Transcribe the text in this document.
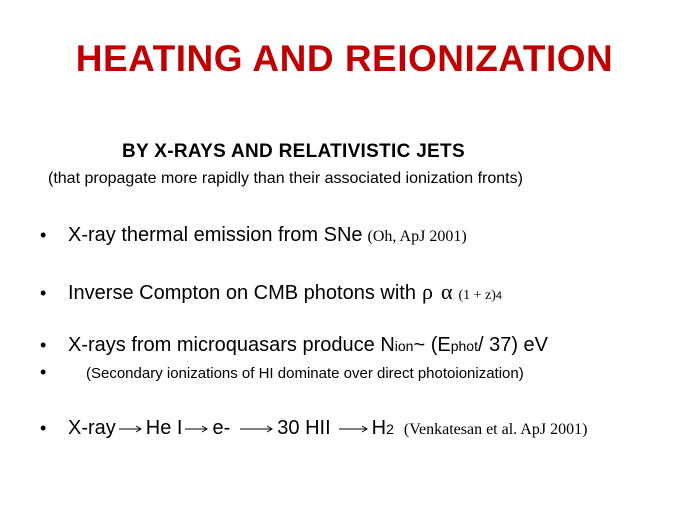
HEATING AND REIONIZATION
BY X-RAYS AND RELATIVISTIC JETS
(that propagate more rapidly than their associated ionization fronts)
•	X-ray thermal emission from SNe (Oh, ApJ 2001)
•	Inverse Compton on CMB photons with ρ α (1 + z) 4
•	X-rays from microquasars produce N ion ~ (E phot / 37) eV
•	(Secondary ionizations of HI dominate over direct photoionization)
•	X-ray He I e- 30 HII H 2 (Venkatesan et al. ApJ 2001)
